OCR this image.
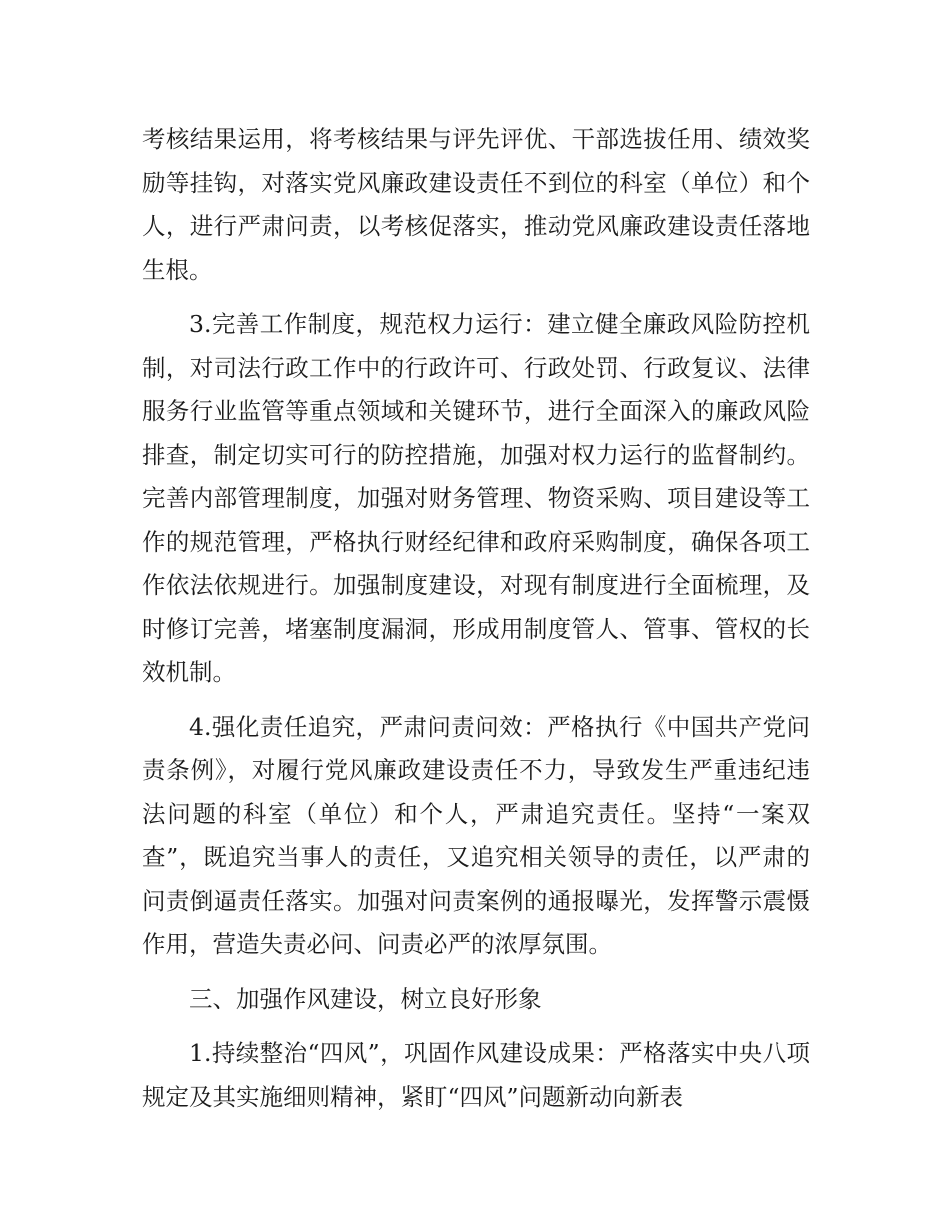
考核结果运用，将考核结果与评先评优、干部选拔任用、绩效奖励等挂钩，对落实党风廉政建设责任不到位的科室（单位）和个人，进行严肃问责，以考核促落实，推动党风廉政建设责任落地生根。

3.完善工作制度，规范权力运行：建立健全廉政风险防控机制，对司法行政工作中的行政许可、行政处罚、行政复议、法律服务行业监管等重点领域和关键环节，进行全面深入的廉政风险排查，制定切实可行的防控措施，加强对权力运行的监督制约。完善内部管理制度，加强对财务管理、物资采购、项目建设等工作的规范管理，严格执行财经纪律和政府采购制度，确保各项工作依法依规进行。加强制度建设，对现有制度进行全面梳理，及时修订完善，堵塞制度漏洞，形成用制度管人、管事、管权的长效机制。

4.强化责任追究，严肃问责问效：严格执行《中国共产党问责条例》，对履行党风廉政建设责任不力，导致发生严重违纪违法问题的科室（单位）和个人，严肃追究责任。坚持“一案双查”，既追究当事人的责任，又追究相关领导的责任，以严肃的问责倒逼责任落实。加强对问责案例的通报曝光，发挥警示震慑作用，营造失责必问、问责必严的浓厚氛围。

三、加强作风建设，树立良好形象

1.持续整治“四风”，巩固作风建设成果：严格落实中央八项规定及其实施细则精神，紧盯“四风”问题新动向新表
